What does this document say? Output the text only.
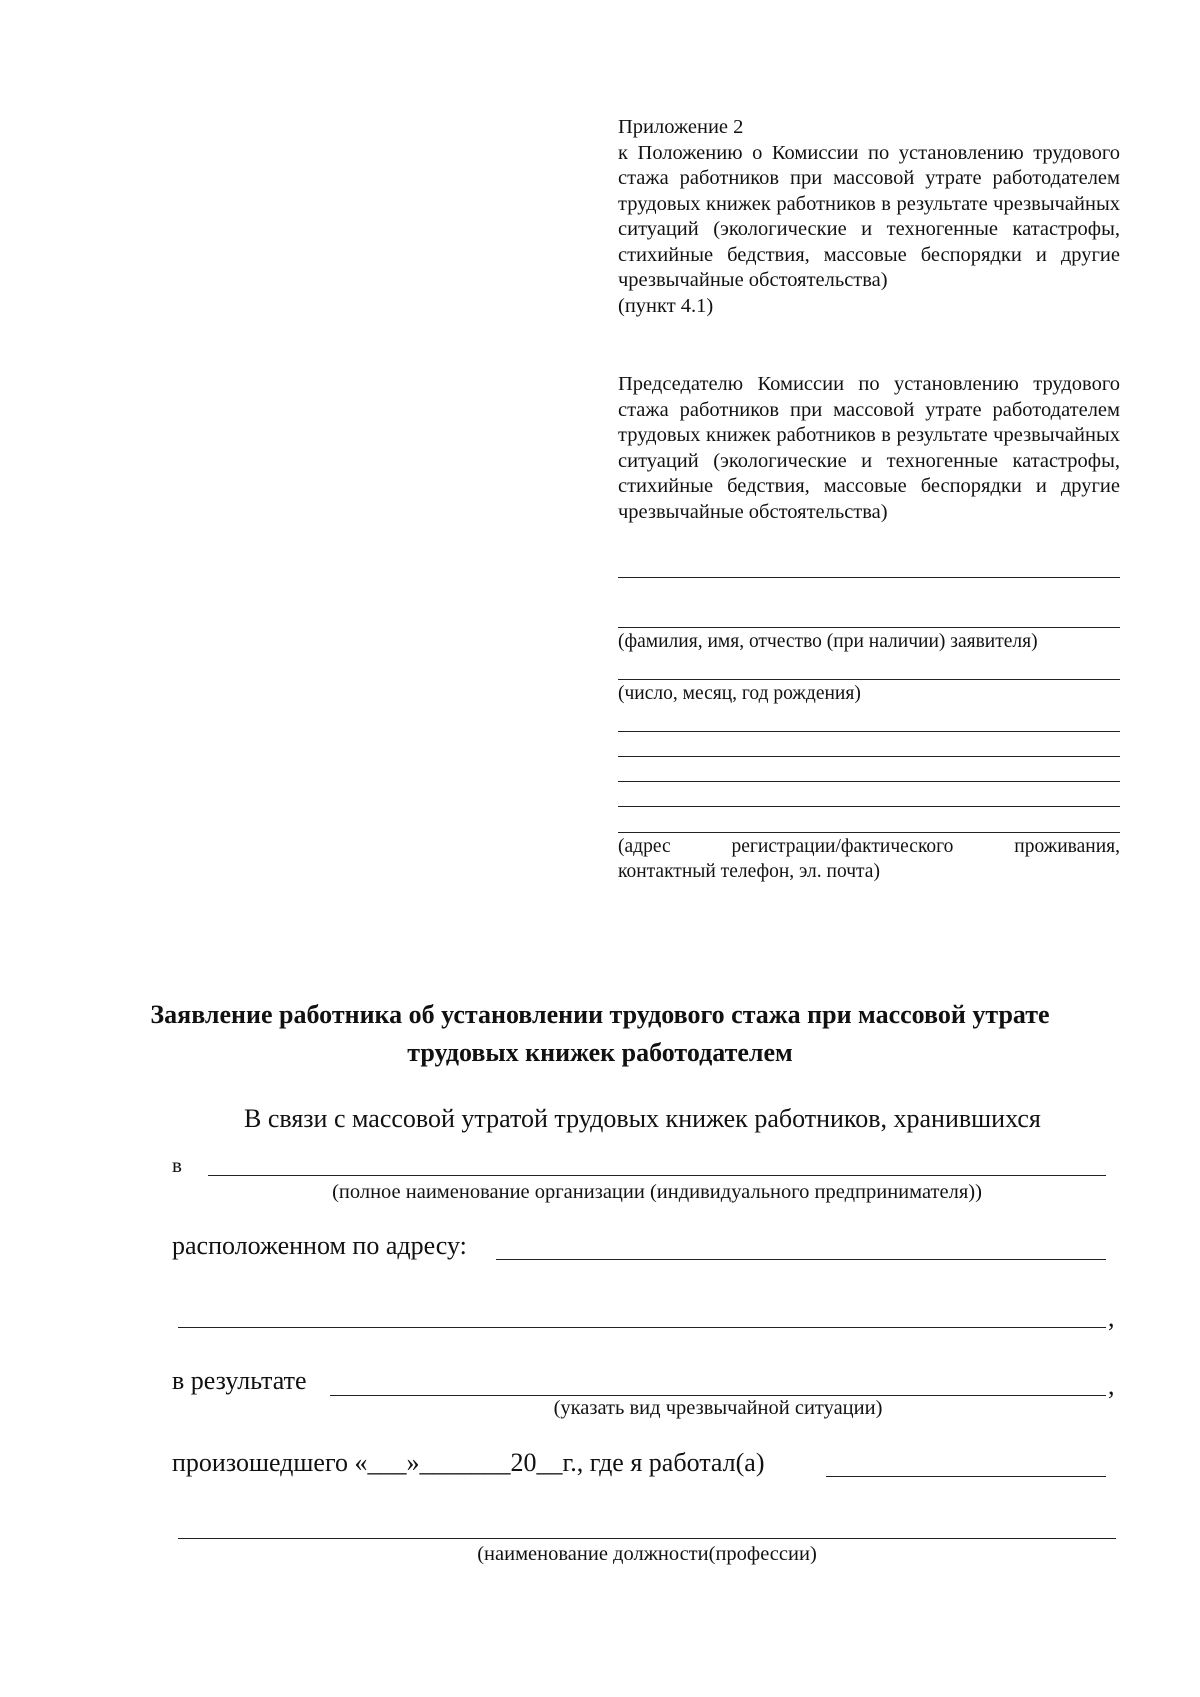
Приложение 2

к Положению о Комиссии по установлению трудового стажа работников при массовой утрате работодателем трудовых книжек работников в результате чрезвычайных ситуаций (экологические и техногенные катастрофы, стихийные бедствия, массовые беспорядки и другие чрезвычайные обстоятельства)

(пункт 4.1)

Председателю Комиссии по установлению трудового стажа работников при массовой утрате работодателем трудовых книжек работников в результате чрезвычайных ситуаций (экологические и техногенные катастрофы, стихийные бедствия, массовые беспорядки и другие чрезвычайные обстоятельства)

(фамилия, имя, отчество (при наличии) заявителя)
(число, месяц, год рождения)
(адрес регистрации/фактического проживания,
контактный телефон, эл. почта)
Заявление работника об установлении трудового стажа при массовой утрате трудовых книжек работодателем
В связи с массовой утратой трудовых книжек работников, хранившихся
в
(полное наименование организации (индивидуального предпринимателя))
расположенном по адресу:
,
в результате	,
(указать вид чрезвычайной ситуации)
произошедшего «___»_______20__г., где я работал(а)
(наименование должности(профессии)
